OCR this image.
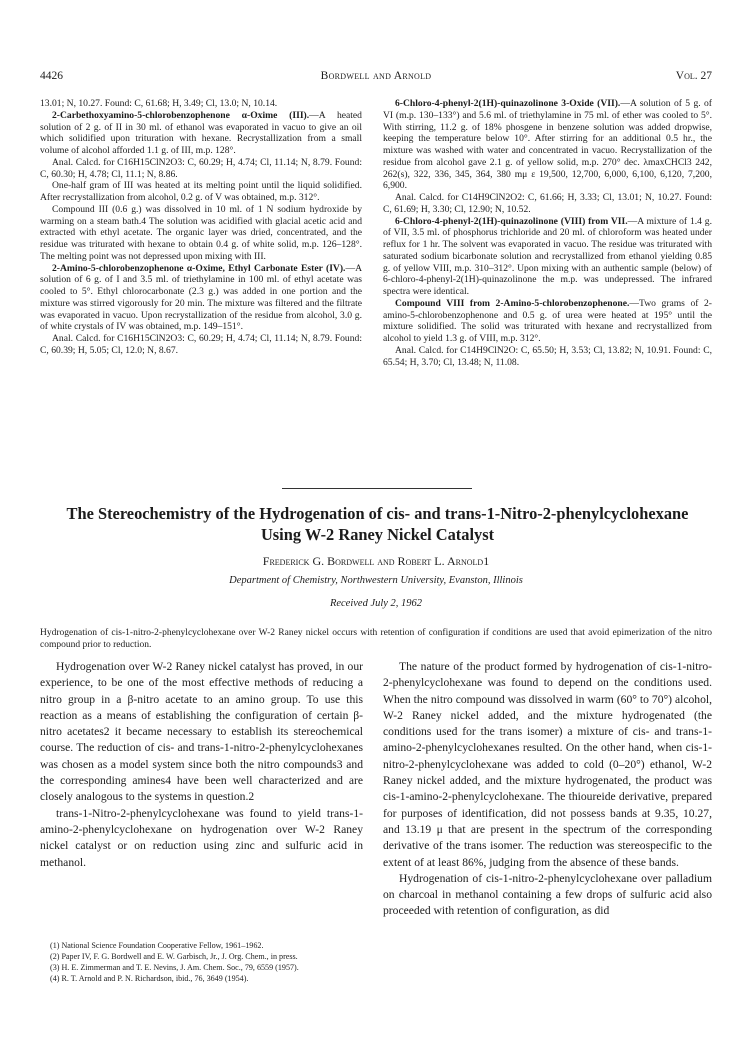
4426	Bordwell and Arnold	Vol. 27

13.01; N, 10.27. Found: C, 61.68; H, 3.49; Cl, 13.0; N, 10.14.

2-Carbethoxyamino-5-chlorobenzophenone α-Oxime (III).—A heated solution of 2 g. of II in 30 ml. of ethanol was evaporated in vacuo to give an oil which solidified upon trituration with hexane. Recrystallization from a small volume of alcohol afforded 1.1 g. of III, m.p. 128°.

Anal. Calcd. for C16H15ClN2O3: C, 60.29; H, 4.74; Cl, 11.14; N, 8.79. Found: C, 60.30; H, 4.78; Cl, 11.1; N, 8.86.

One-half gram of III was heated at its melting point until the liquid solidified. After recrystallization from alcohol, 0.2 g. of V was obtained, m.p. 312°.

Compound III (0.6 g.) was dissolved in 10 ml. of 1 N sodium hydroxide by warming on a steam bath.4 The solution was acidified with glacial acetic acid and extracted with ethyl acetate. The organic layer was dried, concentrated, and the residue was triturated with hexane to obtain 0.4 g. of white solid, m.p. 126–128°. The melting point was not depressed upon mixing with III.

2-Amino-5-chlorobenzophenone α-Oxime, Ethyl Carbonate Ester (IV).—A solution of 6 g. of I and 3.5 ml. of triethylamine in 100 ml. of ethyl acetate was cooled to 5°. Ethyl chlorocarbonate (2.3 g.) was added in one portion and the mixture was stirred vigorously for 20 min. The mixture was filtered and the filtrate was evaporated in vacuo. Upon recrystallization of the residue from alcohol, 3.0 g. of white crystals of IV was obtained, m.p. 149–151°.

Anal. Calcd. for C16H15ClN2O3: C, 60.29; H, 4.74; Cl, 11.14; N, 8.79. Found: C, 60.39; H, 5.05; Cl, 12.0; N, 8.67.

6-Chloro-4-phenyl-2(1H)-quinazolinone 3-Oxide (VII).—A solution of 5 g. of VI (m.p. 130–133°) and 5.6 ml. of triethylamine in 75 ml. of ether was cooled to 5°. With stirring, 11.2 g. of 18% phosgene in benzene solution was added dropwise, keeping the temperature below 10°. After stirring for an additional 0.5 hr., the mixture was washed with water and concentrated in vacuo. Recrystallization of the residue from alcohol gave 2.1 g. of yellow solid, m.p. 270° dec. λmaxCHCl3 242, 262(s), 322, 336, 345, 364, 380 mμ ε 19,500, 12,700, 6,000, 6,100, 6,120, 7,200, 6,900.

Anal. Calcd. for C14H9ClN2O2: C, 61.66; H, 3.33; Cl, 13.01; N, 10.27. Found: C, 61.69; H, 3.30; Cl, 12.90; N, 10.52.

6-Chloro-4-phenyl-2(1H)-quinazolinone (VIII) from VII.—A mixture of 1.4 g. of VII, 3.5 ml. of phosphorus trichloride and 20 ml. of chloroform was heated under reflux for 1 hr. The solvent was evaporated in vacuo. The residue was triturated with saturated sodium bicarbonate solution and recrystallized from ethanol yielding 0.85 g. of yellow VIII, m.p. 310–312°. Upon mixing with an authentic sample (below) of 6-chloro-4-phenyl-2(1H)-quinazolinone the m.p. was undepressed. The infrared spectra were identical.

Compound VIII from 2-Amino-5-chlorobenzophenone.—Two grams of 2-amino-5-chlorobenzophenone and 0.5 g. of urea were heated at 195° until the mixture solidified. The solid was triturated with hexane and recrystallized from alcohol to yield 1.3 g. of VIII, m.p. 312°.

Anal. Calcd. for C14H9ClN2O: C, 65.50; H, 3.53; Cl, 13.82; N, 10.91. Found: C, 65.54; H, 3.70; Cl, 13.48; N, 11.08.

The Stereochemistry of the Hydrogenation of cis- and trans-1-Nitro-2-phenylcyclohexane Using W-2 Raney Nickel Catalyst
Frederick G. Bordwell and Robert L. Arnold1
Department of Chemistry, Northwestern University, Evanston, Illinois
Received July 2, 1962

Hydrogenation of cis-1-nitro-2-phenylcyclohexane over W-2 Raney nickel occurs with retention of configuration if conditions are used that avoid epimerization of the nitro compound prior to reduction.

Hydrogenation over W-2 Raney nickel catalyst has proved, in our experience, to be one of the most effective methods of reducing a nitro group in a β-nitro acetate to an amino group. To use this reaction as a means of establishing the configuration of certain β-nitro acetates2 it became necessary to establish its stereochemical course. The reduction of cis- and trans-1-nitro-2-phenylcyclohexanes was chosen as a model system since both the nitro compounds3 and the corresponding amines4 have been well characterized and are closely analogous to the systems in question.2

trans-1-Nitro-2-phenylcyclohexane was found to yield trans-1-amino-2-phenylcyclohexane on hydrogenation over W-2 Raney nickel catalyst or on reduction using zinc and sulfuric acid in methanol.

The nature of the product formed by hydrogenation of cis-1-nitro-2-phenylcyclohexane was found to depend on the conditions used. When the nitro compound was dissolved in warm (60° to 70°) alcohol, W-2 Raney nickel added, and the mixture hydrogenated (the conditions used for the trans isomer) a mixture of cis- and trans-1-amino-2-phenylcyclohexanes resulted. On the other hand, when cis-1-nitro-2-phenylcyclohexane was added to cold (0–20°) ethanol, W-2 Raney nickel added, and the mixture hydrogenated, the product was cis-1-amino-2-phenylcyclohexane. The thioureide derivative, prepared for purposes of identification, did not possess bands at 9.35, 10.27, and 13.19 μ that are present in the spectrum of the corresponding derivative of the trans isomer. The reduction was stereospecific to the extent of at least 86%, judging from the absence of these bands.

Hydrogenation of cis-1-nitro-2-phenylcyclohexane over palladium on charcoal in methanol containing a few drops of sulfuric acid also proceeded with retention of configuration, as did

(1) National Science Foundation Cooperative Fellow, 1961–1962.

(2) Paper IV, F. G. Bordwell and E. W. Garbisch, Jr., J. Org. Chem., in press.

(3) H. E. Zimmerman and T. E. Nevins, J. Am. Chem. Soc., 79, 6559 (1957).

(4) R. T. Arnold and P. N. Richardson, ibid., 76, 3649 (1954).
